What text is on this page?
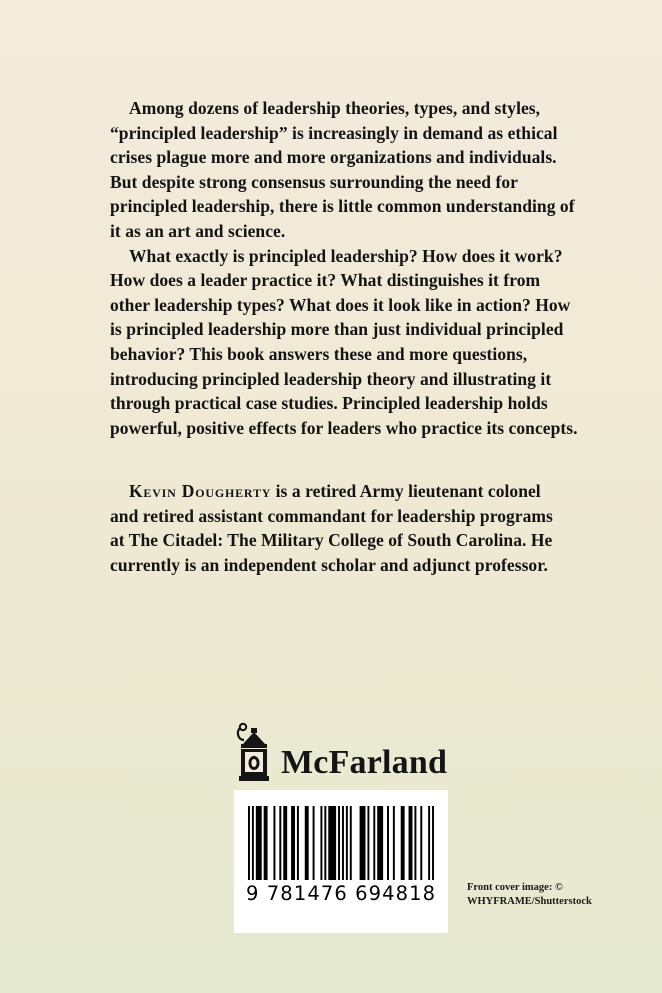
Among dozens of leadership theories, types, and styles, “principled leadership” is increasingly in demand as ethical crises plague more and more organizations and individuals. But despite strong consensus surrounding the need for principled leadership, there is little common understanding of it as an art and science.

What exactly is principled leadership? How does it work? How does a leader practice it? What distinguishes it from other leadership types? What does it look like in action? How is principled leadership more than just individual principled behavior? This book answers these and more questions, introducing principled leadership theory and illustrating it through practical case studies. Principled leadership holds powerful, positive effects for leaders who practice its concepts.

Kevin Dougherty is a retired Army lieutenant colonel and retired assistant commandant for leadership programs at The Citadel: The Military College of South Carolina. He currently is an independent scholar and adjunct professor.

McFarland
9 781476 694818	Front cover image: ©
WHYFRAME/Shutterstock
